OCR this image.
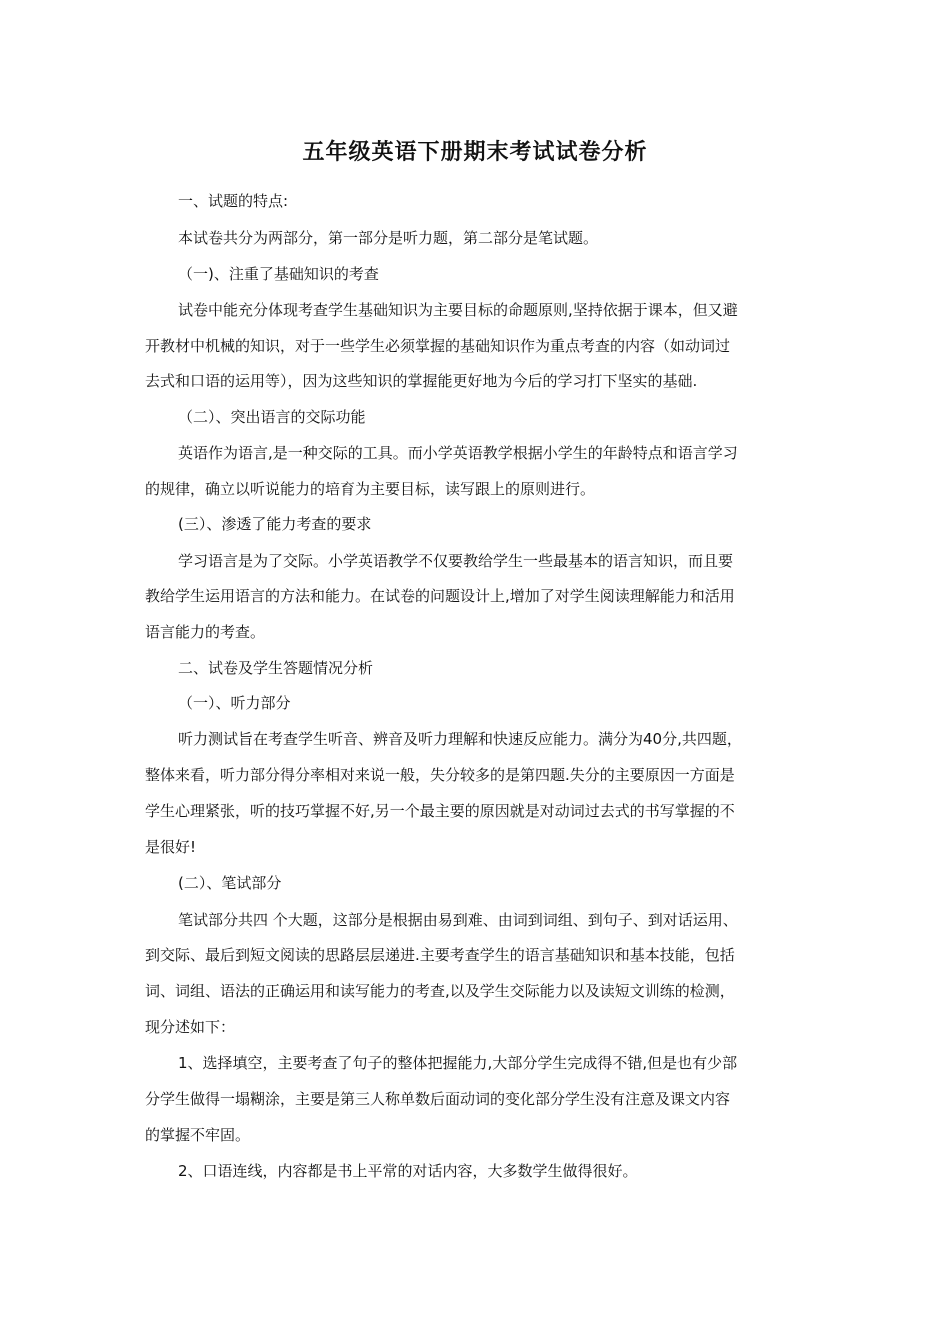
五年级英语下册期末考试试卷分析

一、试题的特点:

本试卷共分为两部分，第一部分是听力题，第二部分是笔试题。

（一)、注重了基础知识的考查

试卷中能充分体现考查学生基础知识为主要目标的命题原则,坚持依据于课本，但又避

开教材中机械的知识，对于一些学生必须掌握的基础知识作为重点考查的内容（如动词过

去式和口语的运用等），因为这些知识的掌握能更好地为今后的学习打下坚实的基础.

（二）、突出语言的交际功能

英语作为语言,是一种交际的工具。而小学英语教学根据小学生的年龄特点和语言学习

的规律，确立以听说能力的培育为主要目标，读写跟上的原则进行。

(三）、渗透了能力考查的要求

学习语言是为了交际。小学英语教学不仅要教给学生一些最基本的语言知识，而且要

教给学生运用语言的方法和能力。在试卷的问题设计上,增加了对学生阅读理解能力和活用

语言能力的考查。

二、试卷及学生答题情况分析

（一）、听力部分

听力测试旨在考查学生听音、辨音及听力理解和快速反应能力。满分为40分,共四题，

整体来看，听力部分得分率相对来说一般，失分较多的是第四题.失分的主要原因一方面是

学生心理紧张，听的技巧掌握不好,另一个最主要的原因就是对动词过去式的书写掌握的不

是很好!

(二）、笔试部分

笔试部分共四 个大题，这部分是根据由易到难、由词到词组、到句子、到对话运用、

到交际、最后到短文阅读的思路层层递进.主要考查学生的语言基础知识和基本技能，包括

词、词组、语法的正确运用和读写能力的考查,以及学生交际能力以及读短文训练的检测，

现分述如下：

1、选择填空，主要考查了句子的整体把握能力,大部分学生完成得不错,但是也有少部

分学生做得一塌糊涂，主要是第三人称单数后面动词的变化部分学生没有注意及课文内容

的掌握不牢固。

2、口语连线，内容都是书上平常的对话内容，大多数学生做得很好。
